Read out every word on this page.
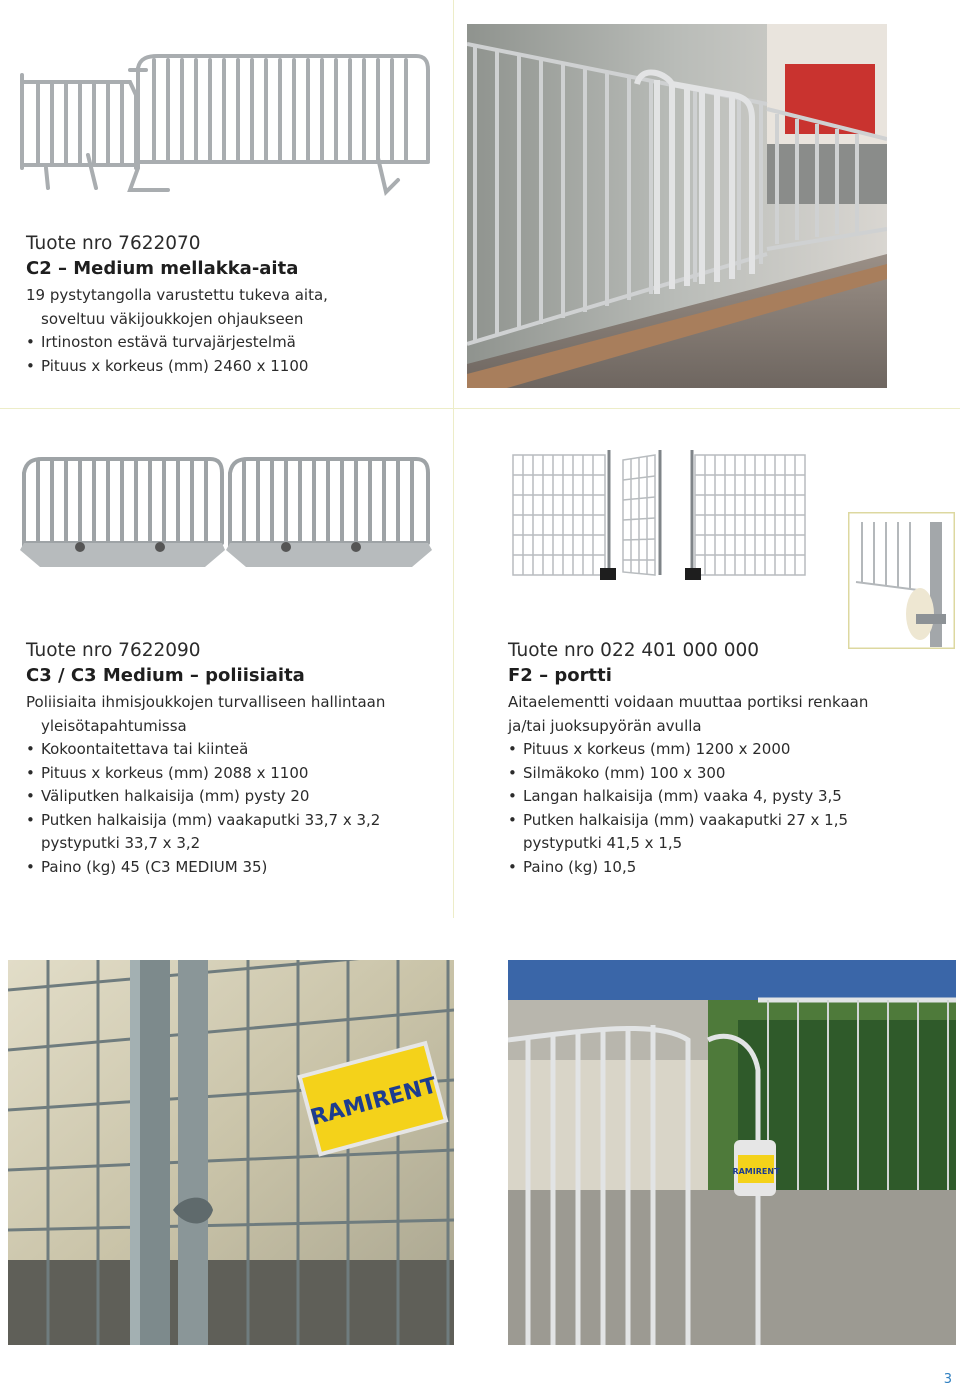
Tuote nro 7622070
C2 – Medium mellakka-aita
19 pystytangolla varustettu tukeva aita,
soveltuu väkijoukkojen ohjaukseen
• Irtinoston estävä turvajärjestelmä
• Pituus x korkeus (mm) 2460 x 1100
Tuote nro 7622090
C3 / C3 Medium – poliisiaita
Poliisiaita ihmisjoukkojen turvalliseen hallintaan
yleisötapahtumissa
• Kokoontaitettava tai kiinteä
• Pituus x korkeus (mm) 2088 x 1100
• Väliputken halkaisija (mm) pysty 20
• Putken halkaisija (mm) vaakaputki 33,7 x 3,2
pystyputki 33,7 x 3,2
• Paino (kg) 45 (C3 MEDIUM 35)
Tuote nro 022 401 000 000
F2 – portti
Aitaelementti voidaan muuttaa portiksi renkaan
ja/tai juoksupyörän avulla
• Pituus x korkeus (mm) 1200 x 2000
• Silmäkoko (mm) 100 x 300
• Langan halkaisija (mm) vaaka 4, pysty 3,5
• Putken halkaisija (mm) vaakaputki 27 x 1,5
pystyputki 41,5 x 1,5
• Paino (kg) 10,5
RAMIRENT
RAMIRENT
3
